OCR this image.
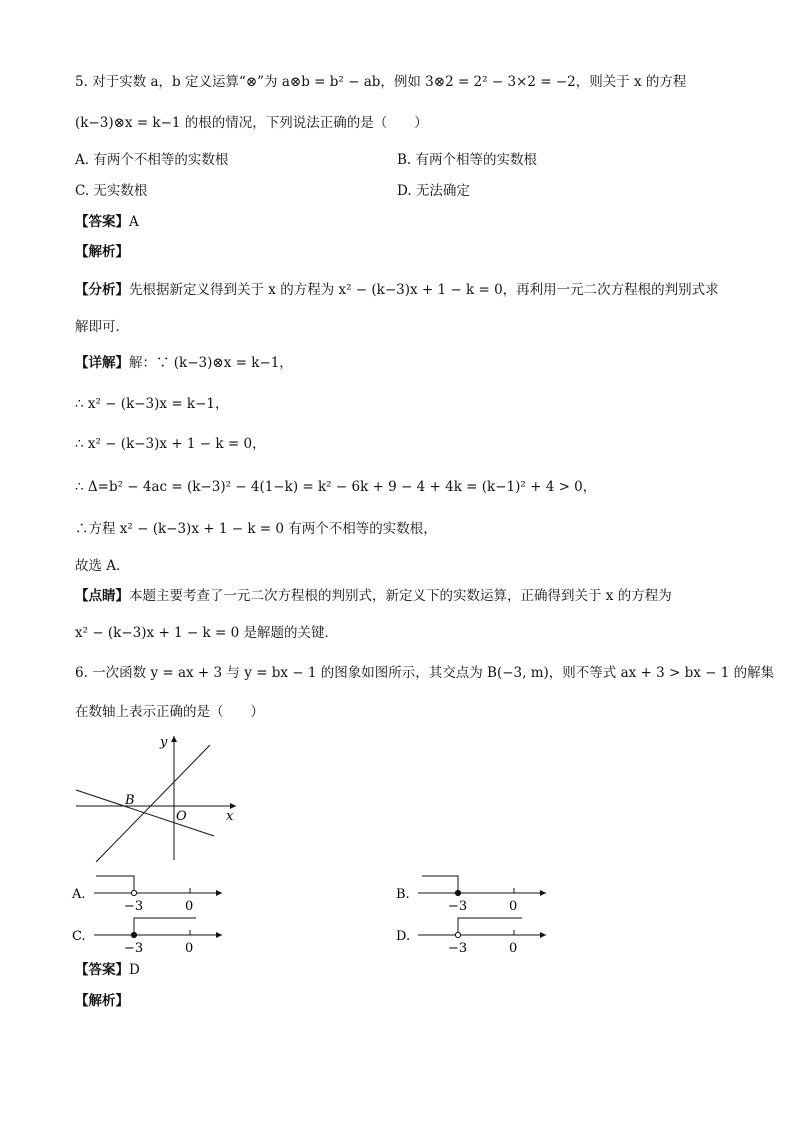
5. 对于实数 a，b 定义运算“⊗”为 a⊗b = b² − ab，例如 3⊗2 = 2² − 3×2 = −2，则关于 x 的方程
(k−3)⊗x = k−1 的根的情况，下列说法正确的是（　　）
A. 有两个不相等的实数根	B. 有两个相等的实数根
C. 无实数根	D. 无法确定
【答案】A
【解析】
【分析】先根据新定义得到关于 x 的方程为 x² − (k−3)x + 1 − k = 0，再利用一元二次方程根的判别式求
解即可．
【详解】解：∵ (k−3)⊗x = k−1，
∴ x² − (k−3)x = k−1，
∴ x² − (k−3)x + 1 − k = 0，
∴ Δ=b² − 4ac = (k−3)² − 4(1−k) = k² − 6k + 9 − 4 + 4k = (k−1)² + 4 > 0，
∴方程 x² − (k−3)x + 1 − k = 0 有两个不相等的实数根，
故选 A．
【点睛】本题主要考查了一元二次方程根的判别式，新定义下的实数运算，正确得到关于 x 的方程为
x² − (k−3)x + 1 − k = 0 是解题的关键．
6. 一次函数 y = ax + 3 与 y = bx − 1 的图象如图所示，其交点为 B(−3, m)，则不等式 ax + 3 > bx − 1 的解集
在数轴上表示正确的是（　　）
y
x
O
B
A.
−3	0
B.
−3	0
C.
−3	0
D.
−3	0
【答案】D
【解析】
